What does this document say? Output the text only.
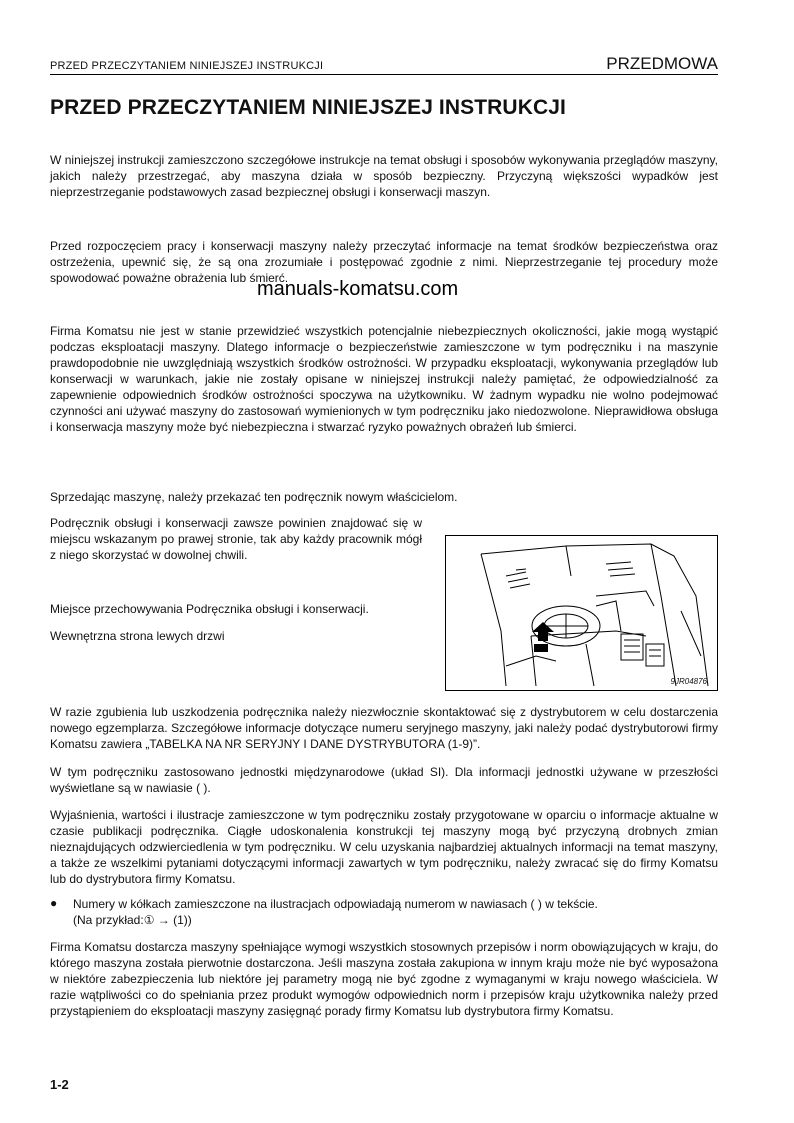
PRZED PRZECZYTANIEM NINIEJSZEJ INSTRUKCJI	PRZEDMOWA
PRZED PRZECZYTANIEM NINIEJSZEJ INSTRUKCJI

W niniejszej instrukcji zamieszczono szczegółowe instrukcje na temat obsługi i sposobów wykonywania przeglądów maszyny, jakich należy przestrzegać, aby maszyna działa w sposób bezpieczny. Przyczyną większości wypadków jest nieprzestrzeganie podstawowych zasad bezpiecznej obsługi i konserwacji maszyn.

Przed rozpoczęciem pracy i konserwacji maszyny należy przeczytać informacje na temat środków bezpieczeństwa oraz ostrzeżenia, upewnić się, że są ona zrozumiałe i postępować zgodnie z nimi. Nieprzestrzeganie tej procedury może spowodować poważne obrażenia lub śmierć.

manuals-komatsu.com

Firma Komatsu nie jest w stanie przewidzieć wszystkich potencjalnie niebezpiecznych okoliczności, jakie mogą wystąpić podczas eksploatacji maszyny. Dlatego informacje o bezpieczeństwie zamieszczone w tym podręczniku i na maszynie prawdopodobnie nie uwzględniają wszystkich środków ostrożności. W przypadku eksploatacji, wykonywania przeglądów lub konserwacji w warunkach, jakie nie zostały opisane w niniejszej instrukcji należy pamiętać, że odpowiedzialność za zapewnienie odpowiednich środków ostrożności spoczywa na użytkowniku. W żadnym wypadku nie wolno podejmować czynności ani używać maszyny do zastosowań wymienionych w tym podręczniku jako niedozwolone. Nieprawidłowa obsługa i konserwacja maszyny może być niebezpieczna i stwarzać ryzyko poważnych obrażeń lub śmierci.

Sprzedając maszynę, należy przekazać ten podręcznik nowym właścicielom.

Podręcznik obsługi i konserwacji zawsze powinien znajdować się w miejscu wskazanym po prawej stronie, tak aby każdy pracownik mógł z niego skorzystać w dowolnej chwili.

Miejsce przechowywania Podręcznika obsługi i konserwacji.

Wewnętrzna strona lewych drzwi

9JR04876

W razie zgubienia lub uszkodzenia podręcznika należy niezwłocznie skontaktować się z dystrybutorem w celu dostarczenia nowego egzemplarza. Szczegółowe informacje dotyczące numeru seryjnego maszyny, jaki należy podać dystrybutorowi firmy Komatsu zawiera „TABELKA NA NR SERYJNY I DANE DYSTRYBUTORA (1-9)”.

W tym podręczniku zastosowano jednostki międzynarodowe (układ SI). Dla informacji jednostki używane w przeszłości wyświetlane są w nawiasie ( ).

Wyjaśnienia, wartości i ilustracje zamieszczone w tym podręczniku zostały przygotowane w oparciu o informacje aktualne w czasie publikacji podręcznika. Ciągłe udoskonalenia konstrukcji tej maszyny mogą być przyczyną drobnych zmian nieznajdujących odzwierciedlenia w tym podręczniku. W celu uzyskania najbardziej aktualnych informacji na temat maszyny, a także ze wszelkimi pytaniami dotyczącymi informacji zawartych w tym podręczniku, należy zwracać się do firmy Komatsu lub do dystrybutora firmy Komatsu.

● Numery w kółkach zamieszczone na ilustracjach odpowiadają numerom w nawiasach ( ) w tekście.
(Na przykład:① → (1))

Firma Komatsu dostarcza maszyny spełniające wymogi wszystkich stosownych przepisów i norm obowiązujących w kraju, do którego maszyna została pierwotnie dostarczona. Jeśli maszyna została zakupiona w innym kraju może nie być wyposażona w niektóre zabezpieczenia lub niektóre jej parametry mogą nie być zgodne z wymaganymi w kraju nowego właściciela. W razie wątpliwości co do spełniania przez produkt wymogów odpowiednich norm i przepisów kraju użytkownika należy przed przystąpieniem do eksploatacji maszyny zasięgnąć porady firmy Komatsu lub dystrybutora firmy Komatsu.

1-2
